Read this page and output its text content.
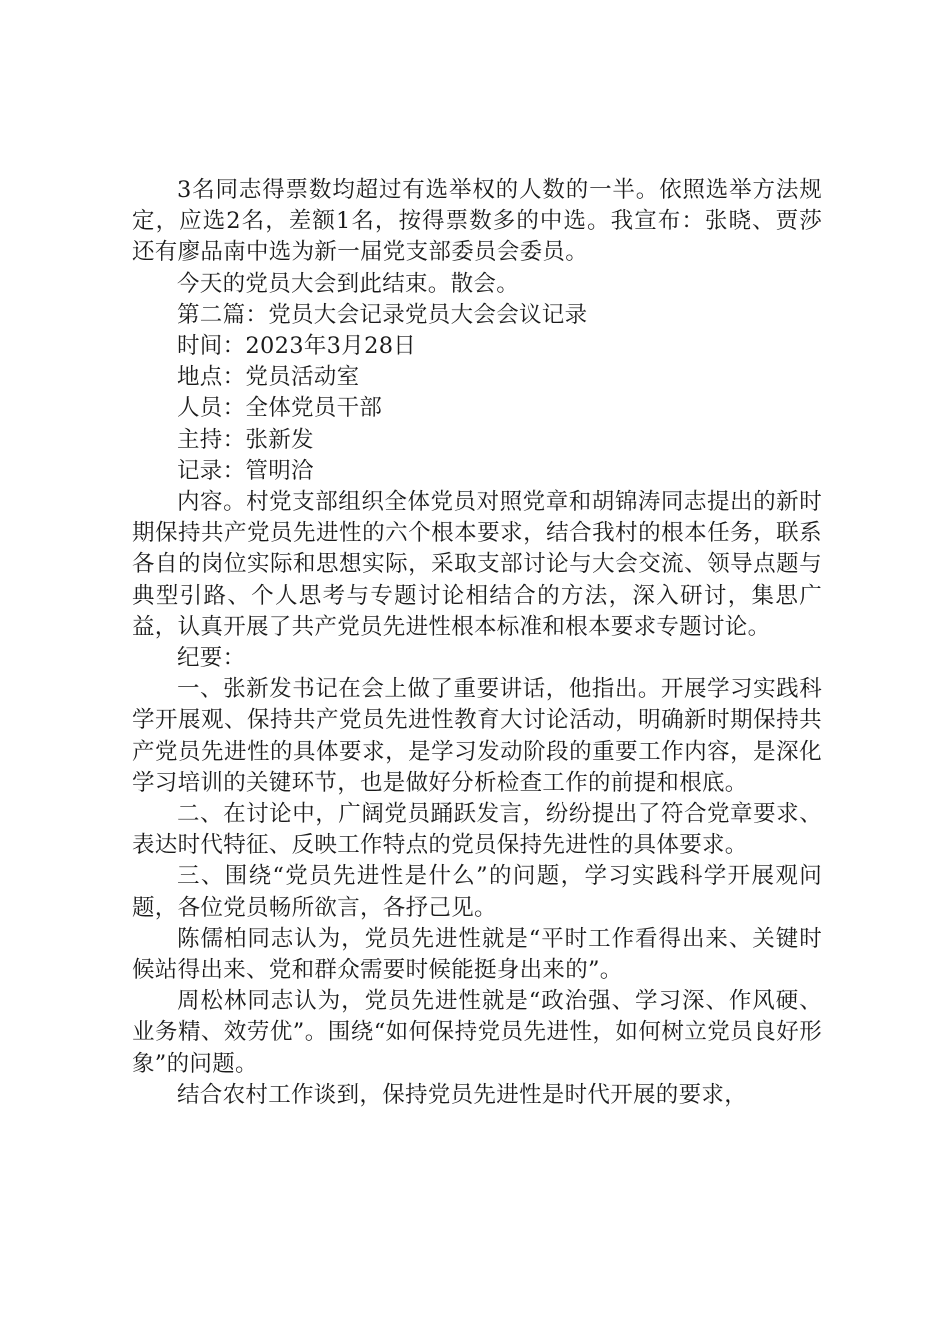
3名同志得票数均超过有选举权的人数的一半。依照选举方法规定，应选2名，差额1名，按得票数多的中选。我宣布：张晓、贾莎还有廖品南中选为新一届党支部委员会委员。

今天的党员大会到此结束。散会。

第二篇：党员大会记录党员大会会议记录

时间：2023年3月28日

地点：党员活动室

人员：全体党员干部

主持：张新发

记录：管明洽

内容。村党支部组织全体党员对照党章和胡锦涛同志提出的新时期保持共产党员先进性的六个根本要求，结合我村的根本任务，联系各自的岗位实际和思想实际，采取支部讨论与大会交流、领导点题与典型引路、个人思考与专题讨论相结合的方法，深入研讨，集思广益，认真开展了共产党员先进性根本标准和根本要求专题讨论。

纪要：

一、张新发书记在会上做了重要讲话，他指出。开展学习实践科学开展观、保持共产党员先进性教育大讨论活动，明确新时期保持共产党员先进性的具体要求，是学习发动阶段的重要工作内容，是深化学习培训的关键环节，也是做好分析检查工作的前提和根底。

二、在讨论中，广阔党员踊跃发言，纷纷提出了符合党章要求、表达时代特征、反映工作特点的党员保持先进性的具体要求。

三、围绕“党员先进性是什么”的问题，学习实践科学开展观问题，各位党员畅所欲言，各抒己见。

陈儒柏同志认为，党员先进性就是“平时工作看得出来、关键时候站得出来、党和群众需要时候能挺身出来的”。

周松林同志认为，党员先进性就是“政治强、学习深、作风硬、业务精、效劳优”。围绕“如何保持党员先进性，如何树立党员良好形象”的问题。

结合农村工作谈到，保持党员先进性是时代开展的要求，
